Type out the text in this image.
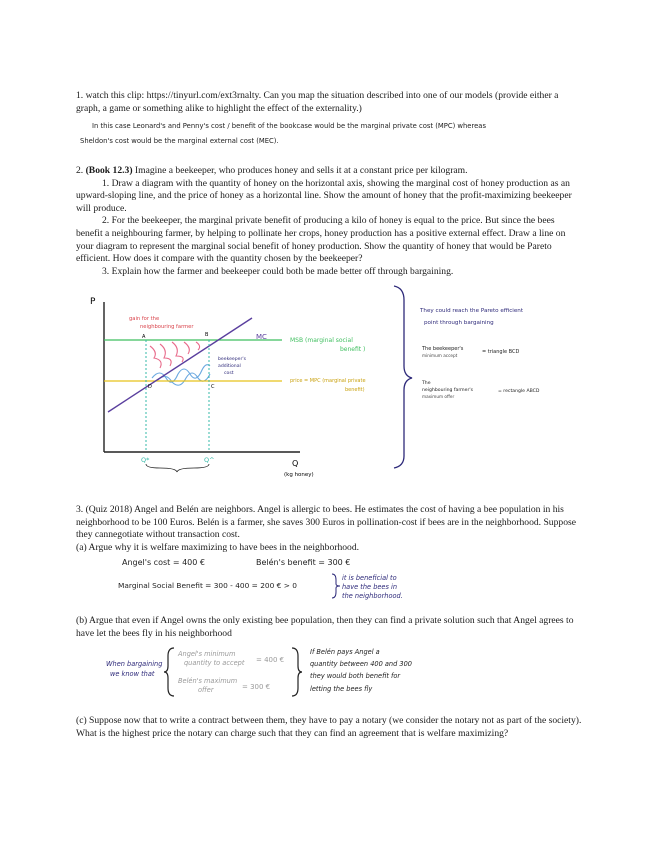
1. watch this clip: https://tinyurl.com/ext3rnalty. Can you map the situation described into one of our models (provide either a graph, a game or something alike to highlight the effect of the externality.)

In this case Leonard's and Penny's cost / benefit of the bookcase would be the marginal private cost (MPC) whereas

Sheldon's cost would be the marginal external cost (MEC).

2. (Book 12.3) Imagine a beekeeper, who produces honey and sells it at a constant price per kilogram.
1. Draw a diagram with the quantity of honey on the horizontal axis, showing the marginal cost of honey production as an upward-sloping line, and the price of honey as a horizontal line. Show the amount of honey that the profit-maximizing beekeeper will produce.
2. For the beekeeper, the marginal private benefit of producing a kilo of honey is equal to the price. But since the bees benefit a neighbouring farmer, by helping to pollinate her crops, honey production has a positive external effect. Draw a line on your diagram to represent the marginal social benefit of honey production. Show the quantity of honey that would be Pareto efficient. How does it compare with the quantity chosen by the beekeeper?
3. Explain how the farmer and beekeeper could both be made better off through bargaining.
P
Q
(kg honey)
MC
A	B
C
D
Q*	Q^
gain for the
neighbouring farmer
beekeeper's
additional
cost
MSB (marginal social
benefit )
price = MPC (marginal private
benefit)
They could reach the Pareto efficient
point through bargaining
The beekeeper's
minimum accept
= triangle BCD
The
neighbouring farmer's
maximum offer
= rectangle ABCD

3. (Quiz 2018) Angel and Belén are neighbors. Angel is allergic to bees. He estimates the cost of having a bee population in his neighborhood to be 100 Euros. Belén is a farmer, she saves 300 Euros in pollination-cost if bees are in the neighborhood. Suppose they cannegotiate without transaction cost.

(a) Argue why it is welfare maximizing to have bees in the neighborhood.

Angel's cost = 400 €	Belén's benefit = 300 €

Marginal Social Benefit = 300 - 400 = 200 € > 0

it is beneficial to

have the bees in

the neighborhood.

(b) Argue that even if Angel owns the only existing bee population, then they can find a private solution such that Angel agrees to have let the bees fly in his neighborhood

When bargaining

we know that

Angel's minimum

quantity to accept = 400 €

Belén's maximum

offer	= 300 €

If Belén pays Angel a

quantity between 400 and 300

they would both benefit for

letting the bees fly

(c) Suppose now that to write a contract between them, they have to pay a notary (we consider the notary not as part of the society). What is the highest price the notary can charge such that they can find an agreement that is welfare maximizing?
